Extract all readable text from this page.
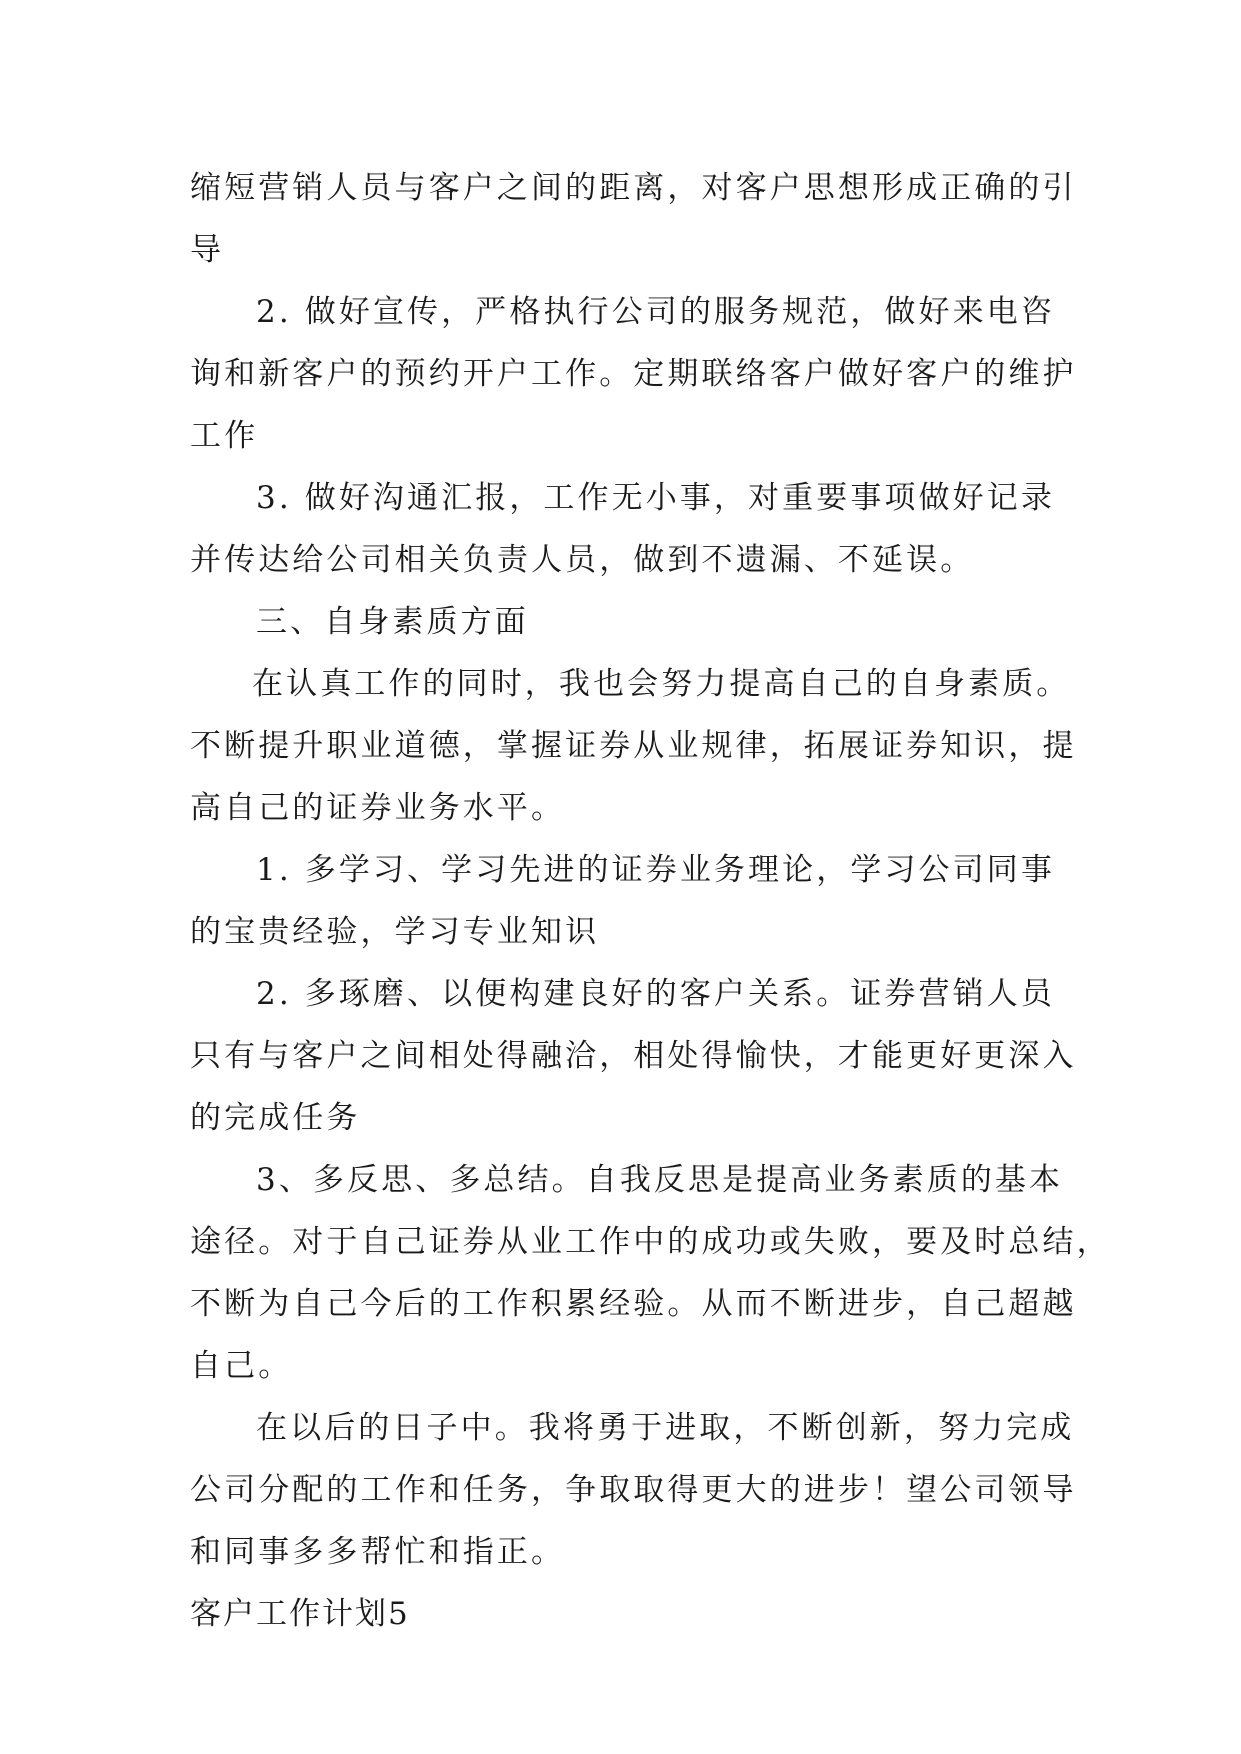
缩短营销人员与客户之间的距离，对客户思想形成正确的引
导
2. 做好宣传，严格执行公司的服务规范，做好来电咨
询和新客户的预约开户工作。定期联络客户做好客户的维护
工作
3. 做好沟通汇报，工作无小事，对重要事项做好记录
并传达给公司相关负责人员，做到不遗漏、不延误。
三、自身素质方面
在认真工作的同时，我也会努力提高自己的自身素质。
不断提升职业道德，掌握证券从业规律，拓展证券知识，提
高自己的证券业务水平。
1. 多学习、学习先进的证券业务理论，学习公司同事
的宝贵经验，学习专业知识
2. 多琢磨、以便构建良好的客户关系。证券营销人员
只有与客户之间相处得融洽，相处得愉快，才能更好更深入
的完成任务
3、多反思、多总结。自我反思是提高业务素质的基本
途径。对于自己证券从业工作中的成功或失败，要及时总结，
不断为自己今后的工作积累经验。从而不断进步，自己超越
自己。
在以后的日子中。我将勇于进取，不断创新，努力完成
公司分配的工作和任务，争取取得更大的进步！望公司领导
和同事多多帮忙和指正。
客户工作计划5
